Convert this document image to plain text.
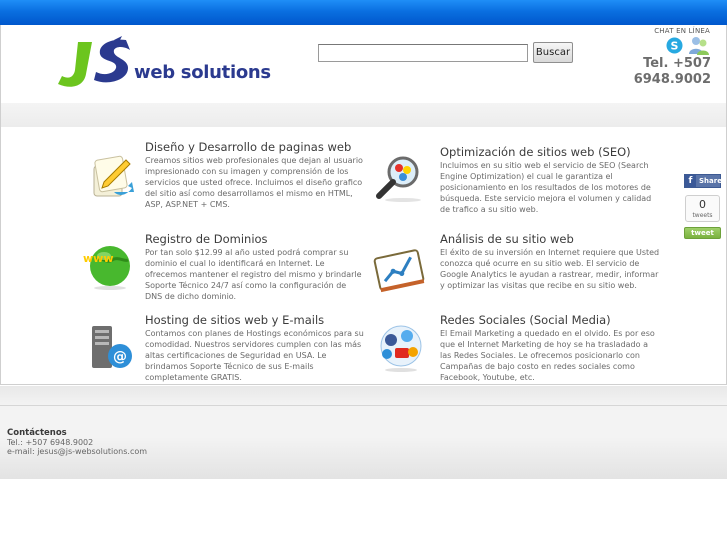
web solutions
Buscar
CHAT EN LÍNEA
S
Tel. +507
6948.9002
Diseño y Desarrollo de paginas web

Creamos sitios web profesionales que dejan al usuario impresionado con su imagen y comprensión de los servicios que usted ofrece. Incluimos el diseño grafico del sitio así como desarrollamos el mismo en HTML, ASP, ASP.NET + CMS.

Optimización de sitios web (SEO)

Incluimos en su sitio web el servicio de SEO (Search Engine Optimization) el cual le garantiza el posicionamiento en los resultados de los motores de búsqueda. Este servicio mejora el volumen y calidad de trafico a su sitio web.

www
Registro de Dominios

Por tan solo $12.99 al año usted podrá comprar su dominio el cual lo identificará en Internet. Le ofrecemos mantener el registro del mismo y brindarle Soporte Técnico 24/7 así como la configuración de DNS de dicho dominio.

Análisis de su sitio web

El éxito de su inversión en Internet requiere que Usted conozca qué ocurre en su sitio web. El servicio de Google Analytics le ayudan a rastrear, medir, informar y optimizar las visitas que recibe en su sitio web.

@
Hosting de sitios web y E-mails

Contamos con planes de Hostings económicos para su comodidad. Nuestros servidores cumplen con las más altas certificaciones de Seguridad en USA. Le brindamos Soporte Técnico de sus E-mails completamente GRATIS.

Redes Sociales (Social Media)

El Email Marketing a quedado en el olvido. Es por eso que el Internet Marketing de hoy se ha trasladado a las Redes Sociales. Le ofrecemos posicionarlo con Campañas de bajo costo en redes sociales como Facebook, Youtube, etc.

f Share
0
tweets
tweet
Contáctenos
Tel.: +507 6948.9002
e-mail: jesus@js-websolutions.com
